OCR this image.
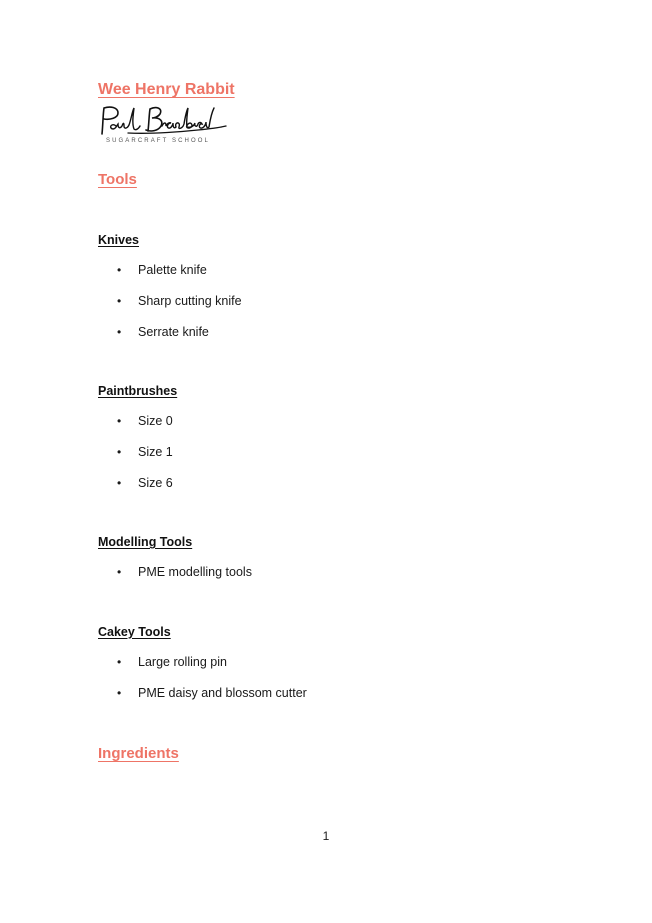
Wee Henry Rabbit
SUGARCRAFT SCHOOL
Tools
Knives
• Palette knife
• Sharp cutting knife
• Serrate knife
Paintbrushes
• Size 0
• Size 1
• Size 6
Modelling Tools
• PME modelling tools
Cakey Tools
• Large rolling pin
• PME daisy and blossom cutter
Ingredients
1
